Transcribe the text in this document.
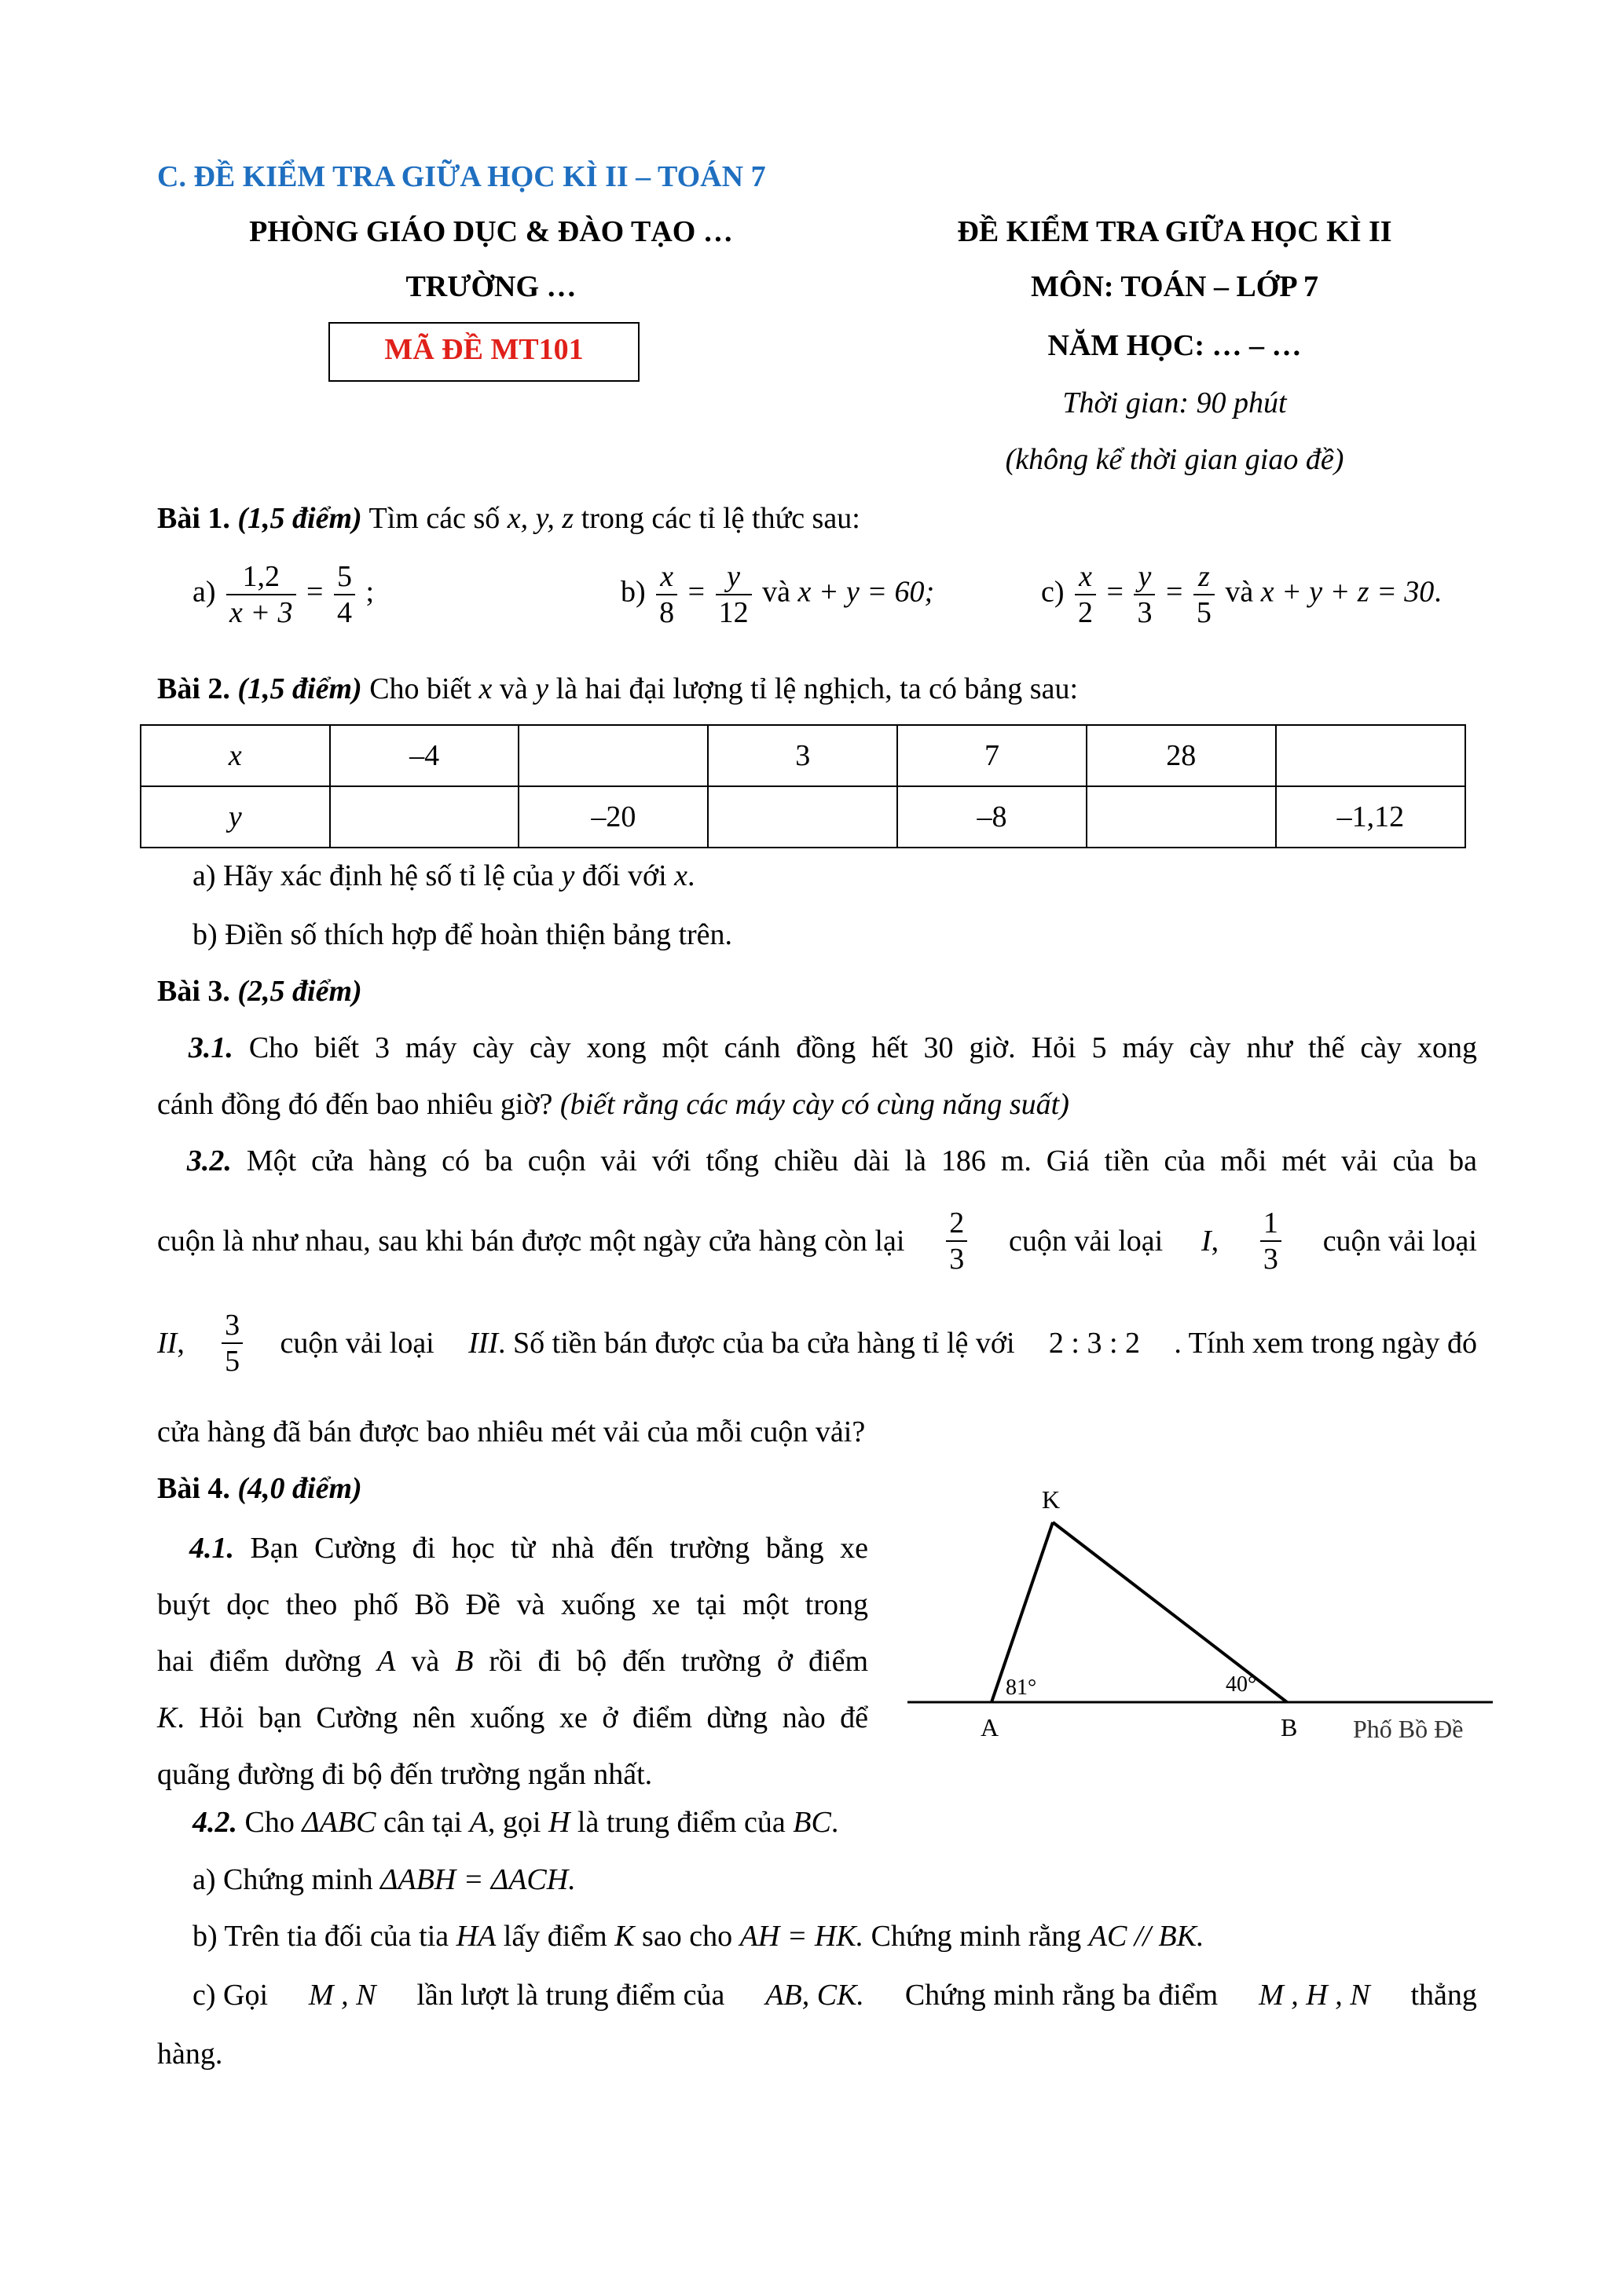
C. ĐỀ KIỂM TRA GIỮA HỌC KÌ II – TOÁN 7
PHÒNG GIÁO DỤC & ĐÀO TẠO …
TRƯỜNG …
MÃ ĐỀ MT101
ĐỀ KIỂM TRA GIỮA HỌC KÌ II
MÔN: TOÁN – LỚP 7
NĂM HỌC: … – …
Thời gian: 90 phút
(không kể thời gian giao đề)
Bài 1. (1,5 điểm) Tìm các số x, y, z trong các tỉ lệ thức sau:
$a) \frac{1,2}{x + 3} = \frac{5}{4}$ ;	$b) \frac{x}{8} = \frac{y}{12}$ và x + y = 60;	$c) \frac{x}{2} = \frac{y}{3} = \frac{z}{5}$ và x + y + z = 30.
Bài 2. (1,5 điểm) Cho biết x và y là hai đại lượng tỉ lệ nghịch, ta có bảng sau:
x	–4		3	7	28	
y		–20		–8		–1,12
a) Hãy xác định hệ số tỉ lệ của y đối với x.
b) Điền số thích hợp để hoàn thiện bảng trên.
Bài 3. (2,5 điểm)
3.1. Cho biết 3 máy cày cày xong một cánh đồng hết 30 giờ. Hỏi 5 máy cày như thế cày xong
cánh đồng đó đến bao nhiêu giờ? (biết rằng các máy cày có cùng năng suất)
3.2. Một cửa hàng có ba cuộn vải với tổng chiều dài là 186 m. Giá tiền của mỗi mét vải của ba
cuộn là như nhau, sau khi bán được một ngày cửa hàng còn lại $\frac{2}{3}$ cuộn vải loại I, $\frac{1}{3}$ cuộn vải loại
II, $\frac{3}{5}$ cuộn vải loại III. Số tiền bán được của ba cửa hàng tỉ lệ với 2 : 3 : 2 . Tính xem trong ngày đó
cửa hàng đã bán được bao nhiêu mét vải của mỗi cuộn vải?
Bài 4. (4,0 điểm)
4.1. Bạn Cường đi học từ nhà đến trường bằng xe
buýt dọc theo phố Bồ Đề và xuống xe tại một trong
hai điểm dường A và B rồi đi bộ đến trường ở điểm
K. Hỏi bạn Cường nên xuống xe ở điểm dừng nào để
quãng đường đi bộ đến trường ngắn nhất.
K
A	B
81°	40°
Phố Bồ Đề
4.2. Cho ΔABC cân tại A, gọi H là trung điểm của BC.
a) Chứng minh ΔABH = ΔACH.
b) Trên tia đối của tia HA lấy điểm K sao cho AH = HK. Chứng minh rằng AC // BK.
c) Gọi M , N lần lượt là trung điểm của AB, CK. Chứng minh rằng ba điểm M , H , N thẳng
hàng.
